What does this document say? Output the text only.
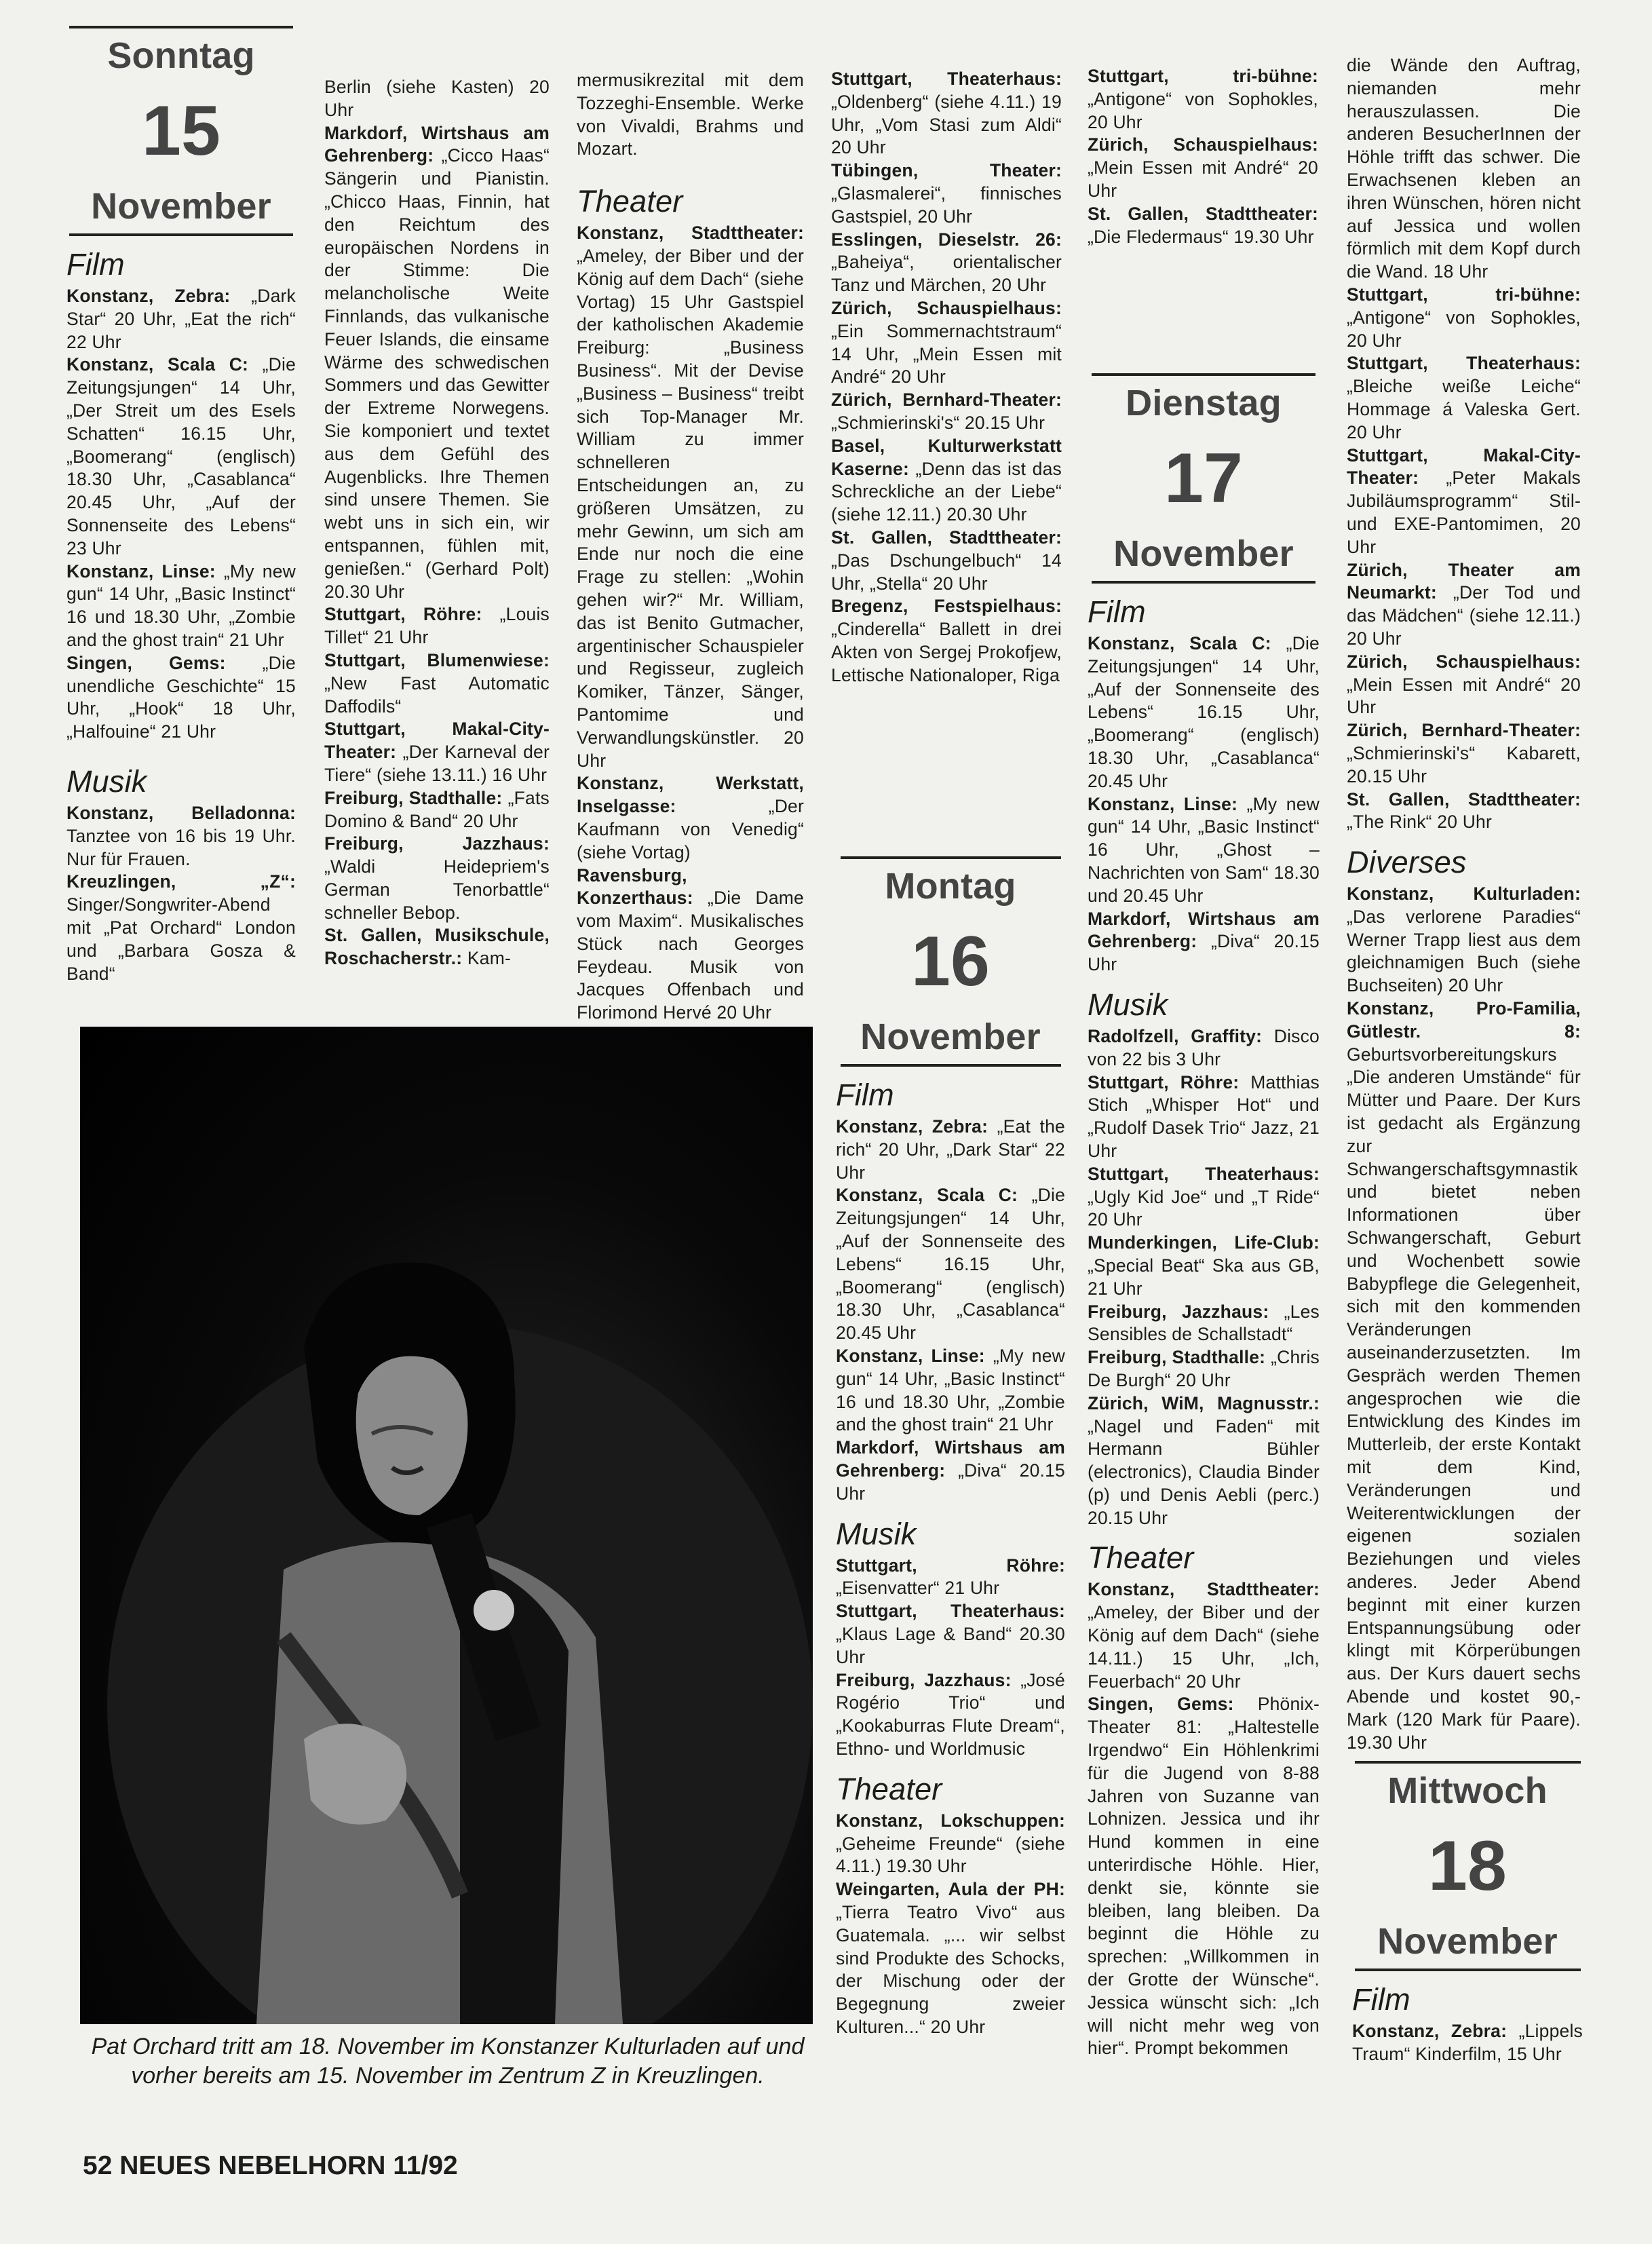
Sonntag
15
November
Film

Konstanz, Zebra: „Dark Star“ 20 Uhr, „Eat the rich“ 22 Uhr

Konstanz, Scala C: „Die Zeitungsjungen“ 14 Uhr, „Der Streit um des Esels Schatten“ 16.15 Uhr, „Boomerang“ (englisch) 18.30 Uhr, „Casablanca“ 20.45 Uhr, „Auf der Sonnenseite des Lebens“ 23 Uhr

Konstanz, Linse: „My new gun“ 14 Uhr, „Basic Instinct“ 16 und 18.30 Uhr, „Zombie and the ghost train“ 21 Uhr

Singen, Gems: „Die unendliche Geschichte“ 15 Uhr, „Hook“ 18 Uhr, „Halfouine“ 21 Uhr

Musik

Konstanz, Belladonna: Tanztee von 16 bis 19 Uhr. Nur für Frauen.

Kreuzlingen, „Z“: Singer/Songwriter-Abend mit „Pat Orchard“ London und „Barbara Gosza & Band“

Berlin (siehe Kasten) 20 Uhr

Markdorf, Wirtshaus am Gehrenberg: „Cicco Haas“ Sängerin und Pianistin. „Chicco Haas, Finnin, hat den Reichtum des europäischen Nordens in der Stimme: Die melancholische Weite Finnlands, das vulkanische Feuer Islands, die einsame Wärme des schwedischen Sommers und das Gewitter der Extreme Norwegens. Sie komponiert und textet aus dem Gefühl des Augenblicks. Ihre Themen sind unsere Themen. Sie webt uns in sich ein, wir entspannen, fühlen mit, genießen.“ (Gerhard Polt) 20.30 Uhr

Stuttgart, Röhre: „Louis Tillet“ 21 Uhr

Stuttgart, Blumenwiese: „New Fast Automatic Daffodils“

Stuttgart, Makal-City-Theater: „Der Karneval der Tiere“ (siehe 13.11.) 16 Uhr

Freiburg, Stadthalle: „Fats Domino & Band“ 20 Uhr

Freiburg, Jazzhaus: „Waldi Heidepriem's German Tenorbattle“ schneller Bebop.

St. Gallen, Musikschule, Roschacherstr.: Kam-

mermusikrezital mit dem Tozzeghi-Ensemble. Werke von Vivaldi, Brahms und Mozart.

Theater

Konstanz, Stadttheater: „Ameley, der Biber und der König auf dem Dach“ (siehe Vortag) 15 Uhr Gastspiel der katholischen Akademie Freiburg: „Business Business“. Mit der Devise „Business – Business“ treibt sich Top-Manager Mr. William zu immer schnelleren Entscheidungen an, zu größeren Umsätzen, zu mehr Gewinn, um sich am Ende nur noch die eine Frage zu stellen: „Wohin gehen wir?“ Mr. William, das ist Benito Gutmacher, argentinischer Schauspieler und Regisseur, zugleich Komiker, Tänzer, Sänger, Pantomime und Verwandlungskünstler. 20 Uhr

Konstanz, Werkstatt, Inselgasse: „Der Kaufmann von Venedig“ (siehe Vortag)

Ravensburg, Konzerthaus: „Die Dame vom Maxim“. Musikalisches Stück nach Georges Feydeau. Musik von Jacques Offenbach und Florimond Hervé 20 Uhr

Pat Orchard tritt am 18. November im Konstanzer Kulturladen auf und vorher bereits am 15. November im Zentrum Z in Kreuzlingen.

Stuttgart, Theaterhaus: „Oldenberg“ (siehe 4.11.) 19 Uhr, „Vom Stasi zum Aldi“ 20 Uhr

Tübingen, Theater: „Glasmalerei“, finnisches Gastspiel, 20 Uhr

Esslingen, Dieselstr. 26: „Baheiya“, orientalischer Tanz und Märchen, 20 Uhr

Zürich, Schauspielhaus: „Ein Sommernachtstraum“ 14 Uhr, „Mein Essen mit André“ 20 Uhr

Zürich, Bernhard-Theater: „Schmierinski's“ 20.15 Uhr

Basel, Kulturwerkstatt Kaserne: „Denn das ist das Schreckliche an der Liebe“ (siehe 12.11.) 20.30 Uhr

St. Gallen, Stadttheater: „Das Dschungelbuch“ 14 Uhr, „Stella“ 20 Uhr

Bregenz, Festspielhaus: „Cinderella“ Ballett in drei Akten von Sergej Prokofjew, Lettische Nationaloper, Riga

Montag
16
November
Film

Konstanz, Zebra: „Eat the rich“ 20 Uhr, „Dark Star“ 22 Uhr

Konstanz, Scala C: „Die Zeitungsjungen“ 14 Uhr, „Auf der Sonnenseite des Lebens“ 16.15 Uhr, „Boomerang“ (englisch) 18.30 Uhr, „Casablanca“ 20.45 Uhr

Konstanz, Linse: „My new gun“ 14 Uhr, „Basic Instinct“ 16 und 18.30 Uhr, „Zombie and the ghost train“ 21 Uhr

Markdorf, Wirtshaus am Gehrenberg: „Diva“ 20.15 Uhr

Musik

Stuttgart, Röhre: „Eisenvatter“ 21 Uhr

Stuttgart, Theaterhaus: „Klaus Lage & Band“ 20.30 Uhr

Freiburg, Jazzhaus: „José Rogério Trio“ und „Kookaburras Flute Dream“, Ethno- und Worldmusic

Theater

Konstanz, Lokschuppen: „Geheime Freunde“ (siehe 4.11.) 19.30 Uhr

Weingarten, Aula der PH: „Tierra Teatro Vivo“ aus Guatemala. „... wir selbst sind Produkte des Schocks, der Mischung oder der Begegnung zweier Kulturen...“ 20 Uhr

Stuttgart, tri-bühne: „Antigone“ von Sophokles, 20 Uhr

Zürich, Schauspielhaus: „Mein Essen mit André“ 20 Uhr

St. Gallen, Stadttheater: „Die Fledermaus“ 19.30 Uhr

Dienstag
17
November
Film

Konstanz, Scala C: „Die Zeitungsjungen“ 14 Uhr, „Auf der Sonnenseite des Lebens“ 16.15 Uhr, „Boomerang“ (englisch) 18.30 Uhr, „Casablanca“ 20.45 Uhr

Konstanz, Linse: „My new gun“ 14 Uhr, „Basic Instinct“ 16 Uhr, „Ghost – Nachrichten von Sam“ 18.30 und 20.45 Uhr

Markdorf, Wirtshaus am Gehrenberg: „Diva“ 20.15 Uhr

Musik

Radolfzell, Graffity: Disco von 22 bis 3 Uhr

Stuttgart, Röhre: Matthias Stich „Whisper Hot“ und „Rudolf Dasek Trio“ Jazz, 21 Uhr

Stuttgart, Theaterhaus: „Ugly Kid Joe“ und „T Ride“ 20 Uhr

Munderkingen, Life-Club: „Special Beat“ Ska aus GB, 21 Uhr

Freiburg, Jazzhaus: „Les Sensibles de Schallstadt“

Freiburg, Stadthalle: „Chris De Burgh“ 20 Uhr

Zürich, WiM, Magnusstr.: „Nagel und Faden“ mit Hermann Bühler (electronics), Claudia Binder (p) und Denis Aebli (perc.) 20.15 Uhr

Theater

Konstanz, Stadttheater: „Ameley, der Biber und der König auf dem Dach“ (siehe 14.11.) 15 Uhr, „Ich, Feuerbach“ 20 Uhr

Singen, Gems: Phönix-Theater 81: „Haltestelle Irgendwo“ Ein Höhlenkrimi für die Jugend von 8-88 Jahren von Suzanne van Lohnizen. Jessica und ihr Hund kommen in eine unterirdische Höhle. Hier, denkt sie, könnte sie bleiben, lang bleiben. Da beginnt die Höhle zu sprechen: „Willkommen in der Grotte der Wünsche“. Jessica wünscht sich: „Ich will nicht mehr weg von hier“. Prompt bekommen

die Wände den Auftrag, niemanden mehr herauszulassen. Die anderen BesucherInnen der Höhle trifft das schwer. Die Erwachsenen kleben an ihren Wünschen, hören nicht auf Jessica und wollen förmlich mit dem Kopf durch die Wand. 18 Uhr

Stuttgart, tri-bühne: „Antigone“ von Sophokles, 20 Uhr

Stuttgart, Theaterhaus: „Bleiche weiße Leiche“ Hommage á Valeska Gert. 20 Uhr

Stuttgart, Makal-City-Theater: „Peter Makals Jubiläumsprogramm“ Stil- und EXE-Pantomimen, 20 Uhr

Zürich, Theater am Neumarkt: „Der Tod und das Mädchen“ (siehe 12.11.) 20 Uhr

Zürich, Schauspielhaus: „Mein Essen mit André“ 20 Uhr

Zürich, Bernhard-Theater: „Schmierinski's“ Kabarett, 20.15 Uhr

St. Gallen, Stadttheater: „The Rink“ 20 Uhr

Diverses

Konstanz, Kulturladen: „Das verlorene Paradies“ Werner Trapp liest aus dem gleichnamigen Buch (siehe Buchseiten) 20 Uhr

Konstanz, Pro-Familia, Gütlestr. 8: Geburtsvorbereitungskurs „Die anderen Umstände“ für Mütter und Paare. Der Kurs ist gedacht als Ergänzung zur Schwangerschaftsgymnastik und bietet neben Informationen über Schwangerschaft, Geburt und Wochenbett sowie Babypflege die Gelegenheit, sich mit den kommenden Veränderungen auseinanderzusetzten. Im Gespräch werden Themen angesprochen wie die Entwicklung des Kindes im Mutterleib, der erste Kontakt mit dem Kind, Veränderungen und Weiterentwicklungen der eigenen sozialen Beziehungen und vieles anderes. Jeder Abend beginnt mit einer kurzen Entspannungsübung oder klingt mit Körperübungen aus. Der Kurs dauert sechs Abende und kostet 90,- Mark (120 Mark für Paare). 19.30 Uhr

Mittwoch
18
November
Film

Konstanz, Zebra: „Lippels Traum“ Kinderfilm, 15 Uhr

52 NEUES NEBELHORN 11/92
